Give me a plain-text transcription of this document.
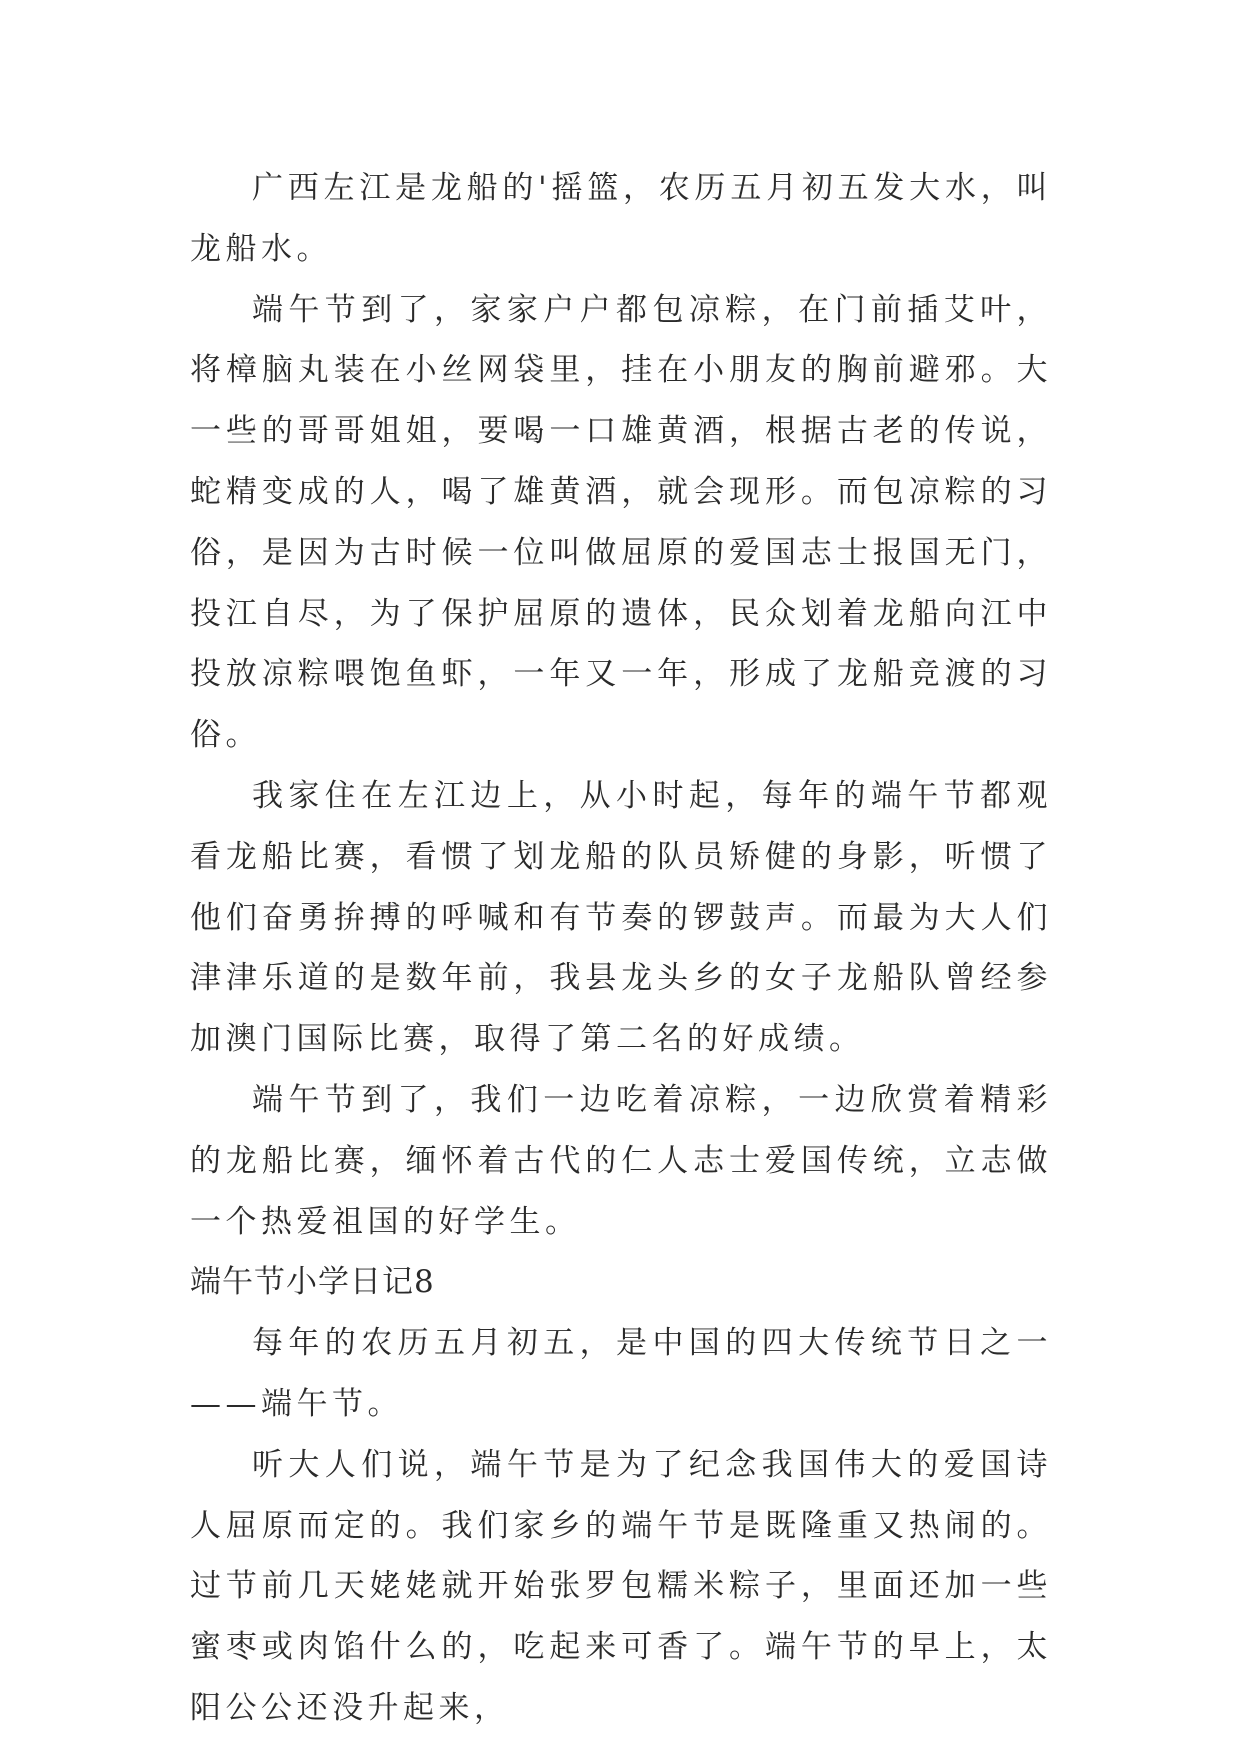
广西左江是龙船的'摇篮，农历五月初五发大水，叫龙船水。

端午节到了，家家户户都包凉粽，在门前插艾叶，将樟脑丸装在小丝网袋里，挂在小朋友的胸前避邪。大一些的哥哥姐姐，要喝一口雄黄酒，根据古老的传说，蛇精变成的人，喝了雄黄酒，就会现形。而包凉粽的习俗，是因为古时候一位叫做屈原的爱国志士报国无门，投江自尽，为了保护屈原的遗体，民众划着龙船向江中投放凉粽喂饱鱼虾，一年又一年，形成了龙船竞渡的习俗。

我家住在左江边上，从小时起，每年的端午节都观看龙船比赛，看惯了划龙船的队员矫健的身影，听惯了他们奋勇拚搏的呼喊和有节奏的锣鼓声。而最为大人们津津乐道的是数年前，我县龙头乡的女子龙船队曾经参加澳门国际比赛，取得了第二名的好成绩。

端午节到了，我们一边吃着凉粽，一边欣赏着精彩的龙船比赛，缅怀着古代的仁人志士爱国传统，立志做一个热爱祖国的好学生。

端午节小学日记8

每年的农历五月初五，是中国的四大传统节日之一——端午节。

听大人们说，端午节是为了纪念我国伟大的爱国诗人屈原而定的。我们家乡的端午节是既隆重又热闹的。过节前几天姥姥就开始张罗包糯米粽子，里面还加一些蜜枣或肉馅什么的，吃起来可香了。端午节的早上，太阳公公还没升起来，
